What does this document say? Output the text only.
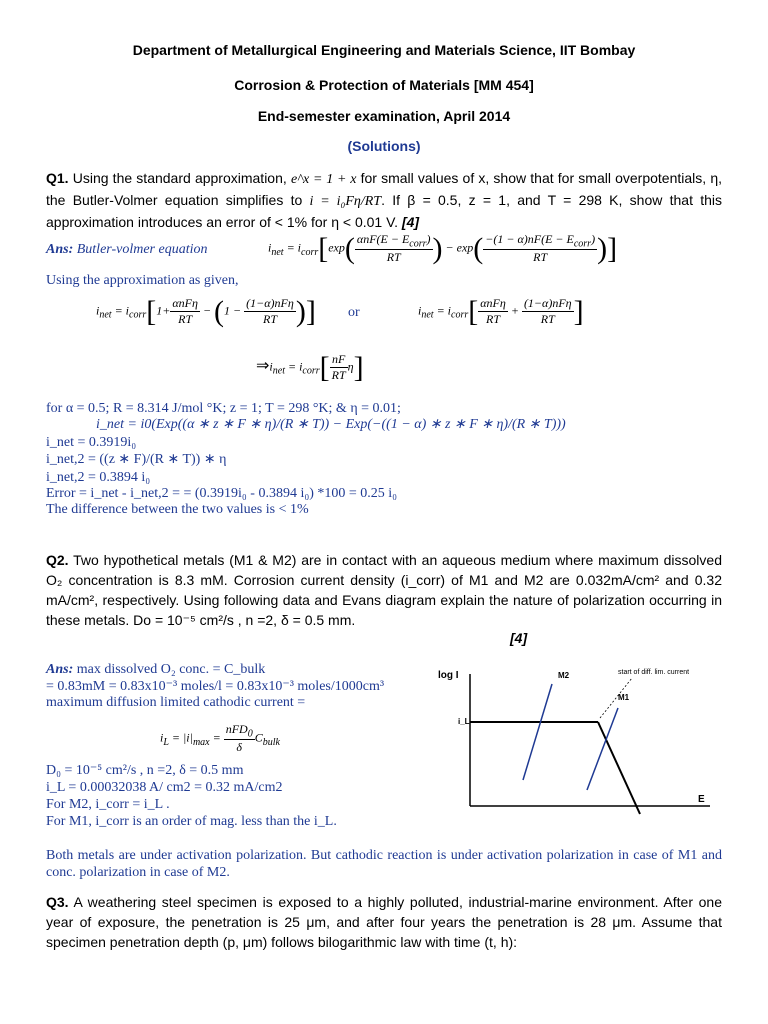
Department of Metallurgical Engineering and Materials Science, IIT Bombay
Corrosion & Protection of Materials [MM 454]
End-semester examination, April 2014
(Solutions)
Q1. Using the standard approximation, e^x = 1 + x for small values of x, show that for small overpotentials, η, the Butler-Volmer equation simplifies to i = i₀Fη/RT. If β = 0.5, z = 1, and T = 298 K, show that this approximation introduces an error of < 1% for η < 0.01 V. [4]
Ans: Butler-volmer equation	$i_{net} = i_{corr}[\exp( \frac{\alpha nF(E - E_{corr})}{RT}$ ) − $\exp( \frac{-(1 - \alpha)nF(E - E_{corr})}{RT}$ )]
Using the approximation as given,
$i_{net} = i_{corr}[1+ \frac{\text{αnFη}}{RT} - (1 - \frac{\text{(1−α)nFη}}{RT}$ )] or	$i_{net} = i_{corr}[ \frac{\text{αnFη}}{RT} + \frac{\text{(1−α)nFη}}{RT}$ ]
$\Rightarrow i_{net} = i_{corr}[ \frac{nF}{RT} \eta]$
for α = 0.5; R = 8.314 J/mol °K; z = 1; T = 298 °K; & η = 0.01;
i_net = i0(Exp((α ∗ z ∗ F ∗ η)/(R ∗ T)) − Exp(−((1 − α) ∗ z ∗ F ∗ η)/(R ∗ T)))
i_net = 0.3919i₀
i_net,2 = ((z ∗ F)/(R ∗ T)) ∗ η
i_net,2 = 0.3894 i₀
Error = i_net - i_net,2 = = (0.3919i₀ - 0.3894 i₀) *100 = 0.25 i₀
The difference between the two values is < 1%
Q2. Two hypothetical metals (M1 & M2) are in contact with an aqueous medium where maximum dissolved O₂ concentration is 8.3 mM. Corrosion current density (i_corr) of M1 and M2 are 0.032mA/cm² and 0.32 mA/cm², respectively. Using following data and Evans diagram explain the nature of polarization occurring in these metals. Do = 10⁻⁵ cm²/s , n =2, δ = 0.5 mm.
[4]
Ans: max dissolved O₂ conc. = C_bulk
= 0.83mM = 0.83x10⁻³ moles/l = 0.83x10⁻³ moles/1000cm³
maximum diffusion limited cathodic current =
$i_L = |i|_{max} = \frac{nFD_0}{\delta} C_{bulk}$
D₀ = 10⁻⁵ cm²/s , n =2, δ = 0.5 mm
i_L = 0.00032038 A/ cm2 = 0.32 mA/cm2
For M2, i_corr = i_L .
For M1, i_corr is an order of mag. less than the i_L.
log I
E
i_L
M2
M1
start of diff. lim. current
Both metals are under activation polarization. But cathodic reaction is under activation polarization in case of M1 and conc. polarization in case of M2.
Q3. A weathering steel specimen is exposed to a highly polluted, industrial-marine environment. After one year of exposure, the penetration is 25 μm, and after four years the penetration is 28 μm. Assume that specimen penetration depth (p, μm) follows bilogarithmic law with time (t, h):
